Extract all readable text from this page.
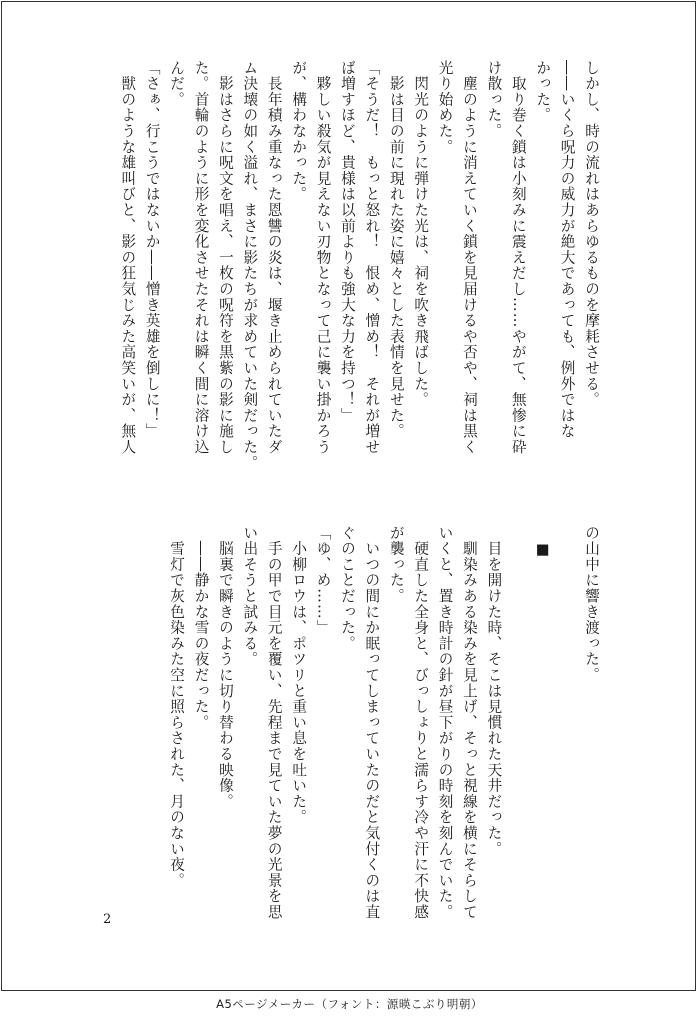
しかし、時の流れはあらゆるものを摩耗させる。
――いくら呪力の威力が絶大であっても、例外ではな
かった。
　取り巻く鎖は小刻みに震えだし……やがて、無惨に砕
け散った。
　塵のように消えていく鎖を見届けるや否や、祠は黒く
光り始めた。
　閃光のように弾けた光は、祠を吹き飛ばした。
　影は目の前に現れた姿に嬉々とした表情を見せた。
「そうだ！　もっと怒れ！　恨め、憎め！　それが増せ
ば増すほど、貴様は以前よりも強大な力を持つ！」
　夥しい殺気が見えない刃物となって己に襲い掛かろう
が、構わなかった。
　長年積み重なった恩讐の炎は、堰き止められていたダ
ム決壊の如く溢れ、まさに影たちが求めていた剣だった。
　影はさらに呪文を唱え、一枚の呪符を黒紫の影に施し
た。首輪のように形を変化させたそれは瞬く間に溶け込
んだ。
「さぁ、行こうではないか――憎き英雄を倒しに！」
　獣のような雄叫びと、影の狂気じみた高笑いが、無人
の山中に響き渡った。
　■
　目を開けた時、そこは見慣れた天井だった。
　馴染みある染みを見上げ、そっと視線を横にそらして
いくと、置き時計の針が昼下がりの時刻を刻んでいた。
　硬直した全身と、びっしょりと濡らす冷や汗に不快感
が襲った。
　いつの間にか眠ってしまっていたのだと気付くのは直
ぐのことだった。
「ゆ、め……」
　小柳ロウは、ポツリと重い息を吐いた。
　手の甲で目元を覆い、先程まで見ていた夢の光景を思
い出そうと試みる。
　脳裏で瞬きのように切り替わる映像。
　――静かな雪の夜だった。
　雪灯で灰色染みた空に照らされた、月のない夜。
2
A5ページメーカー（フォント：源暎こぶり明朝）
